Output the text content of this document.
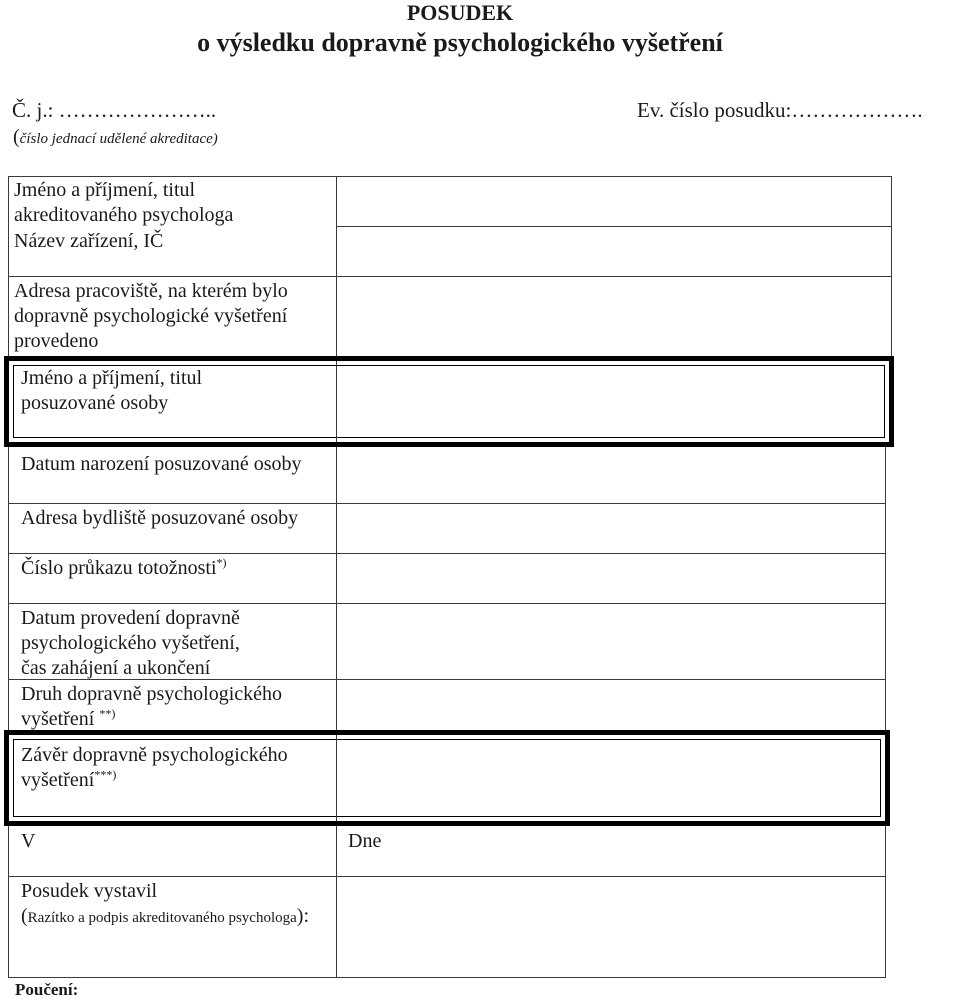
POSUDEK
o výsledku dopravně psychologického vyšetření
Č. j.: …………………..
(číslo jednací udělené akreditace)
Ev. číslo posudku:……………….
Jméno a příjmení, titul
akreditovaného psychologa
Název zařízení, IČ
Adresa pracoviště, na kterém bylo
dopravně psychologické vyšetření
provedeno
Jméno a příjmení, titul
posuzované osoby
Datum narození posuzované osoby
Adresa bydliště posuzované osoby
Číslo průkazu totožnosti*)
Datum provedení dopravně
psychologického vyšetření,
čas zahájení a ukončení
Druh dopravně psychologického
vyšetření **)
Závěr dopravně psychologického
vyšetření***)
V	Dne
Posudek vystavil
(Razítko a podpis akreditovaného psychologa):
Poučení:
